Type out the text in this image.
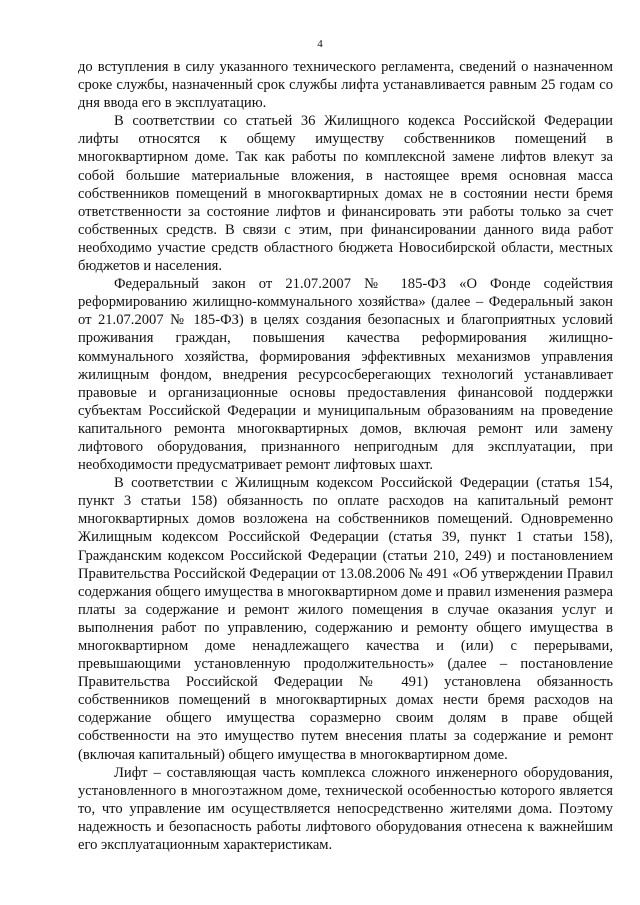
4

до вступления в силу указанного технического регламента, сведений о назначенном сроке службы, назначенный срок службы лифта устанавливается равным 25 годам со дня ввода его в эксплуатацию.

В соответствии со статьей 36 Жилищного кодекса Российской Федерации лифты относятся к общему имуществу собственников помещений в многоквартирном доме. Так как работы по комплексной замене лифтов влекут за собой большие материальные вложения, в настоящее время основная масса собственников помещений в многоквартирных домах не в состоянии нести бремя ответственности за состояние лифтов и финансировать эти работы только за счет собственных средств. В связи с этим, при финансировании данного вида работ необходимо участие средств областного бюджета Новосибирской области, местных бюджетов и населения.

Федеральный закон от 21.07.2007 № 185-ФЗ «О Фонде содействия реформированию жилищно-коммунального хозяйства» (далее – Федеральный закон от 21.07.2007 № 185-ФЗ) в целях создания безопасных и благоприятных условий проживания граждан, повышения качества реформирования жилищно-коммунального хозяйства, формирования эффективных механизмов управления жилищным фондом, внедрения ресурсосберегающих технологий устанавливает правовые и организационные основы предоставления финансовой поддержки субъектам Российской Федерации и муниципальным образованиям на проведение капитального ремонта многоквартирных домов, включая ремонт или замену лифтового оборудования, признанного непригодным для эксплуатации, при необходимости предусматривает ремонт лифтовых шахт.

В соответствии с Жилищным кодексом Российской Федерации (статья 154, пункт 3 статьи 158) обязанность по оплате расходов на капитальный ремонт многоквартирных домов возложена на собственников помещений. Одновременно Жилищным кодексом Российской Федерации (статья 39, пункт 1 статьи 158), Гражданским кодексом Российской Федерации (статьи 210, 249) и постановлением Правительства Российской Федерации от 13.08.2006 № 491 «Об утверждении Правил содержания общего имущества в многоквартирном доме и правил изменения размера платы за содержание и ремонт жилого помещения в случае оказания услуг и выполнения работ по управлению, содержанию и ремонту общего имущества в многоквартирном доме ненадлежащего качества и (или) с перерывами, превышающими установленную продолжительность» (далее – постановление Правительства Российской Федерации № 491) установлена обязанность собственников помещений в многоквартирных домах нести бремя расходов на содержание общего имущества соразмерно своим долям в праве общей собственности на это имущество путем внесения платы за содержание и ремонт (включая капитальный) общего имущества в многоквартирном доме.

Лифт – составляющая часть комплекса сложного инженерного оборудования, установленного в многоэтажном доме, технической особенностью которого является то, что управление им осуществляется непосредственно жителями дома. Поэтому надежность и безопасность работы лифтового оборудования отнесена к важнейшим его эксплуатационным характеристикам.
